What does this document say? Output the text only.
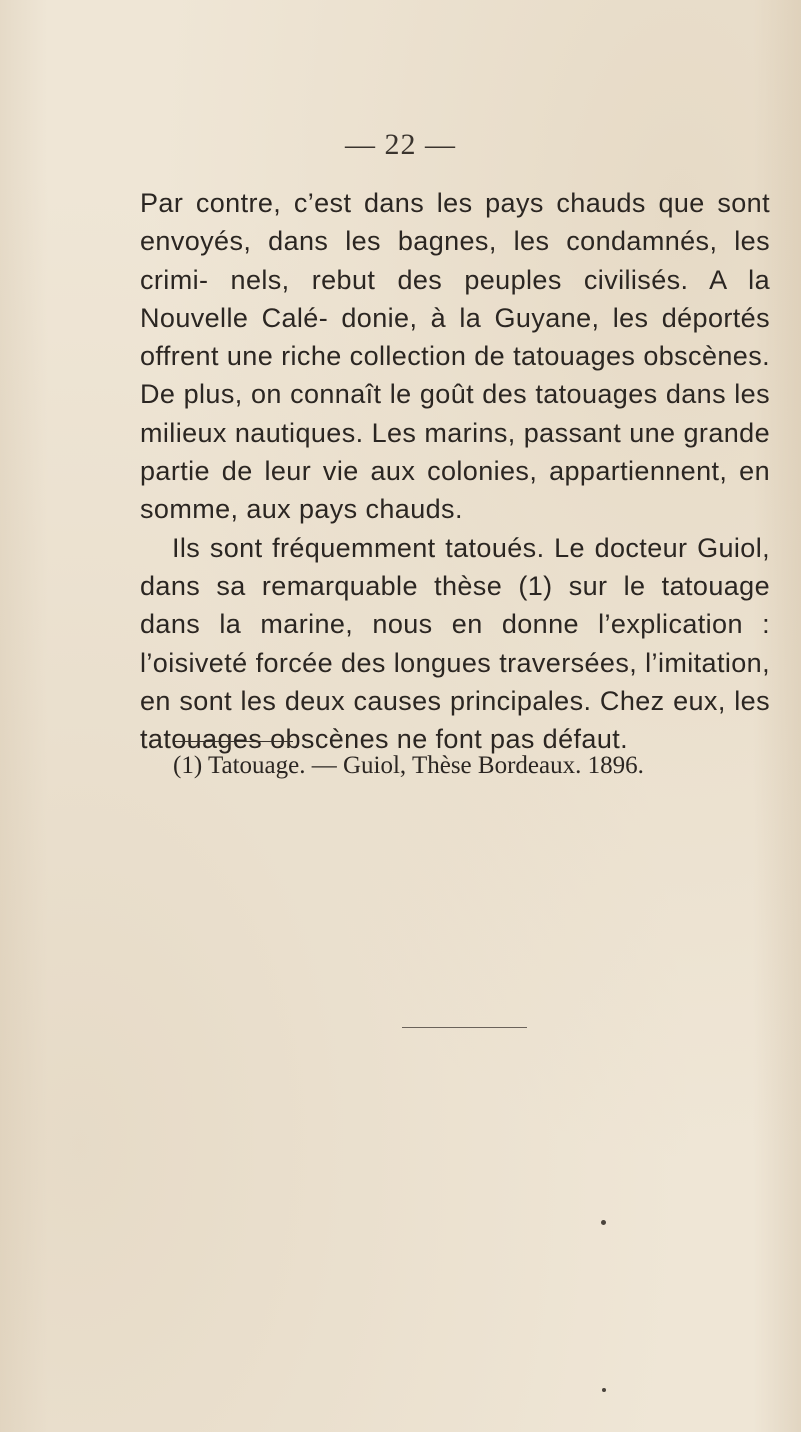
— 22 —

Par contre, c’est dans les pays chauds que sont envoyés, dans les bagnes, les condamnés, les crimi- nels, rebut des peuples civilisés. A la Nouvelle Calé- donie, à la Guyane, les déportés offrent une riche collection de tatouages obscènes. De plus, on connaît le goût des tatouages dans les milieux nautiques. Les marins, passant une grande partie de leur vie aux colonies, appartiennent, en somme, aux pays chauds.

Ils sont fréquemment tatoués. Le docteur Guiol, dans sa remarquable thèse (1) sur le tatouage dans la marine, nous en donne l’explication : l’oisiveté forcée des longues traversées, l’imitation, en sont les deux causes principales. Chez eux, les tatouages obscènes ne font pas défaut.

(1) Tatouage. — Guiol, Thèse Bordeaux. 1896.
